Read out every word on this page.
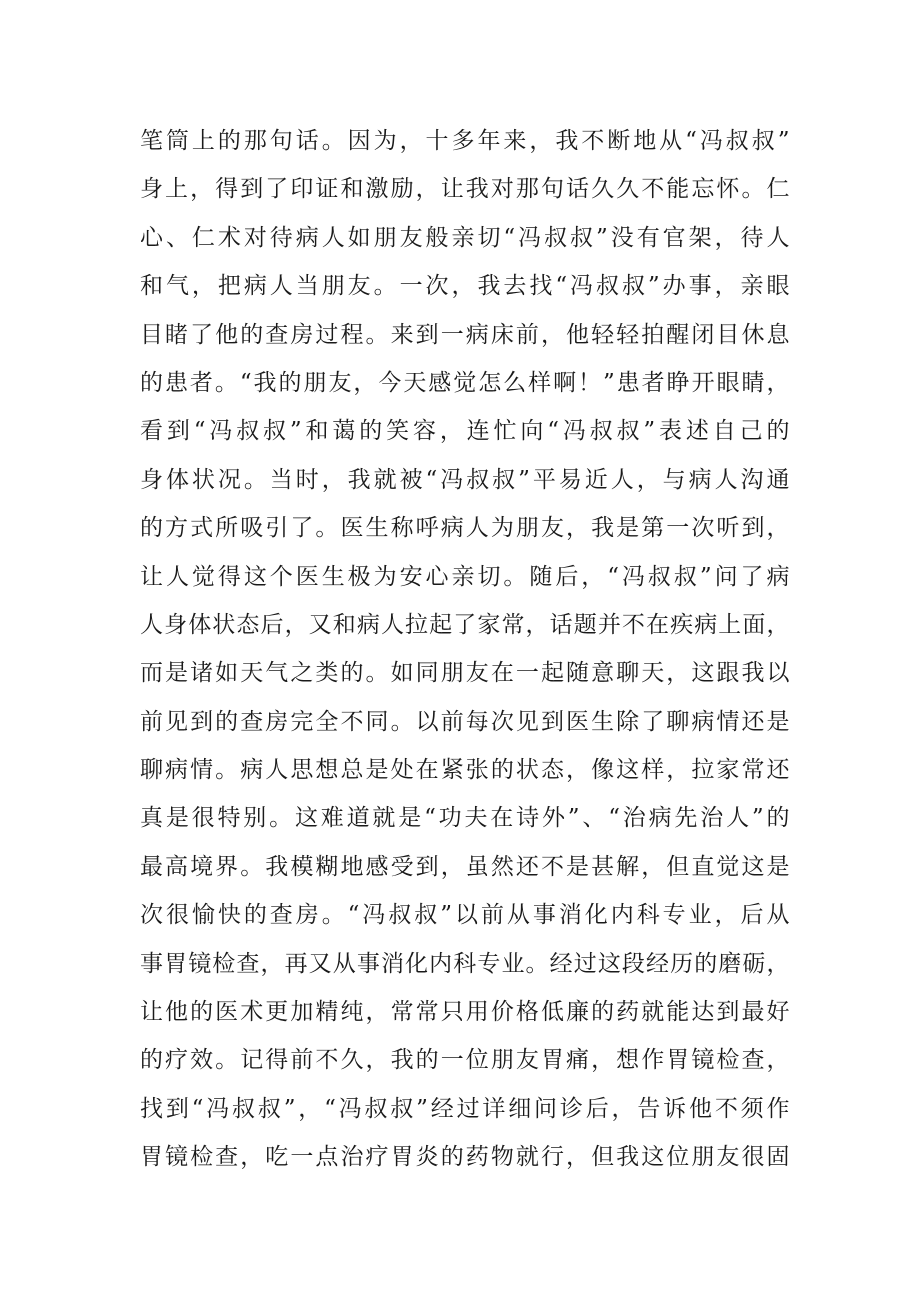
笔筒上的那句话。因为，十多年来，我不断地从“冯叔叔”
身上，得到了印证和激励，让我对那句话久久不能忘怀。仁
心、仁术对待病人如朋友般亲切“冯叔叔”没有官架，待人
和气，把病人当朋友。一次，我去找“冯叔叔”办事，亲眼
目睹了他的查房过程。来到一病床前，他轻轻拍醒闭目休息
的患者。“我的朋友，今天感觉怎么样啊！”患者睁开眼睛，
看到“冯叔叔”和蔼的笑容，连忙向“冯叔叔”表述自己的
身体状况。当时，我就被“冯叔叔”平易近人，与病人沟通
的方式所吸引了。医生称呼病人为朋友，我是第一次听到，
让人觉得这个医生极为安心亲切。随后，“冯叔叔”问了病
人身体状态后，又和病人拉起了家常，话题并不在疾病上面，
而是诸如天气之类的。如同朋友在一起随意聊天，这跟我以
前见到的查房完全不同。以前每次见到医生除了聊病情还是
聊病情。病人思想总是处在紧张的状态，像这样，拉家常还
真是很特别。这难道就是“功夫在诗外”、“治病先治人”的
最高境界。我模糊地感受到，虽然还不是甚解，但直觉这是
次很愉快的查房。“冯叔叔”以前从事消化内科专业，后从
事胃镜检查，再又从事消化内科专业。经过这段经历的磨砺，
让他的医术更加精纯，常常只用价格低廉的药就能达到最好
的疗效。记得前不久，我的一位朋友胃痛，想作胃镜检查，
找到“冯叔叔”，“冯叔叔”经过详细问诊后，告诉他不须作
胃镜检查，吃一点治疗胃炎的药物就行，但我这位朋友很固
